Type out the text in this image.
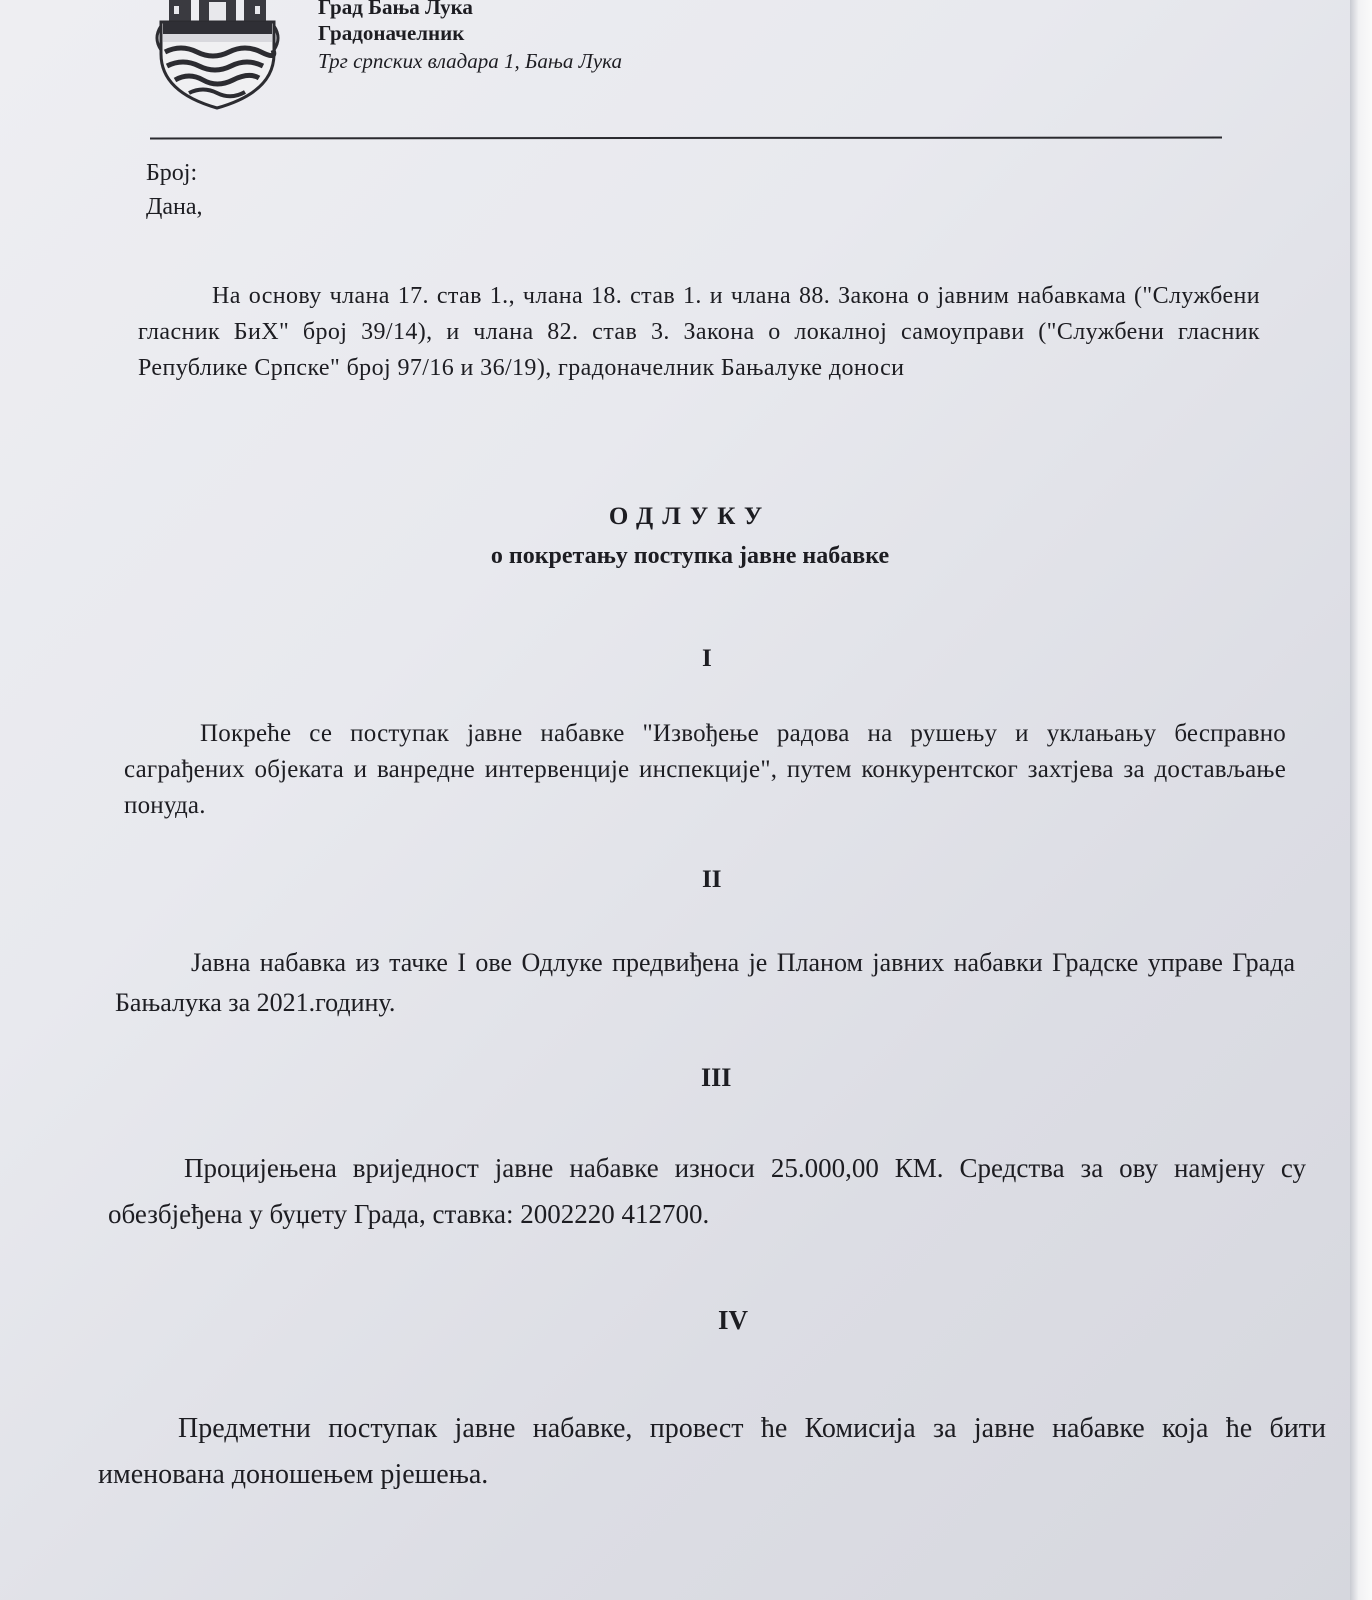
Град Бања Лука

Градоначелник

Трг српских владара 1, Бања Лука

Број:
Дана,
На основу члана 17. став 1., члана 18. став 1. и члана 88. Закона о јавним набавкама ("Службени гласник БиХ" број 39/14), и члана 82. став 3. Закона о локалној самоуправи ("Службени гласник Републике Српске" број 97/16 и 36/19), градоначелник Бањалуке доноси
ОДЛУКУ
о покретању поступка јавне набавке
I
Покреће се поступак јавне набавке "Извођење радова на рушењу и уклањању бесправно саграђених објеката и ванредне интервенције инспекције", путем конкурентског захтјева за достављање понуда.
II
Јавна набавка из тачке I ове Одлуке предвиђена је Планом јавних набавки Градске управе Града Бањалука за 2021.годину.
III
Процијењена вриједност јавне набавке износи 25.000,00 КМ. Средства за ову намјену су обезбјеђена у буџету Града, ставка: 2002220 412700.
IV
Предметни поступак јавне набавке, провест ће Комисија за јавне набавке која ће бити именована доношењем рјешења.
